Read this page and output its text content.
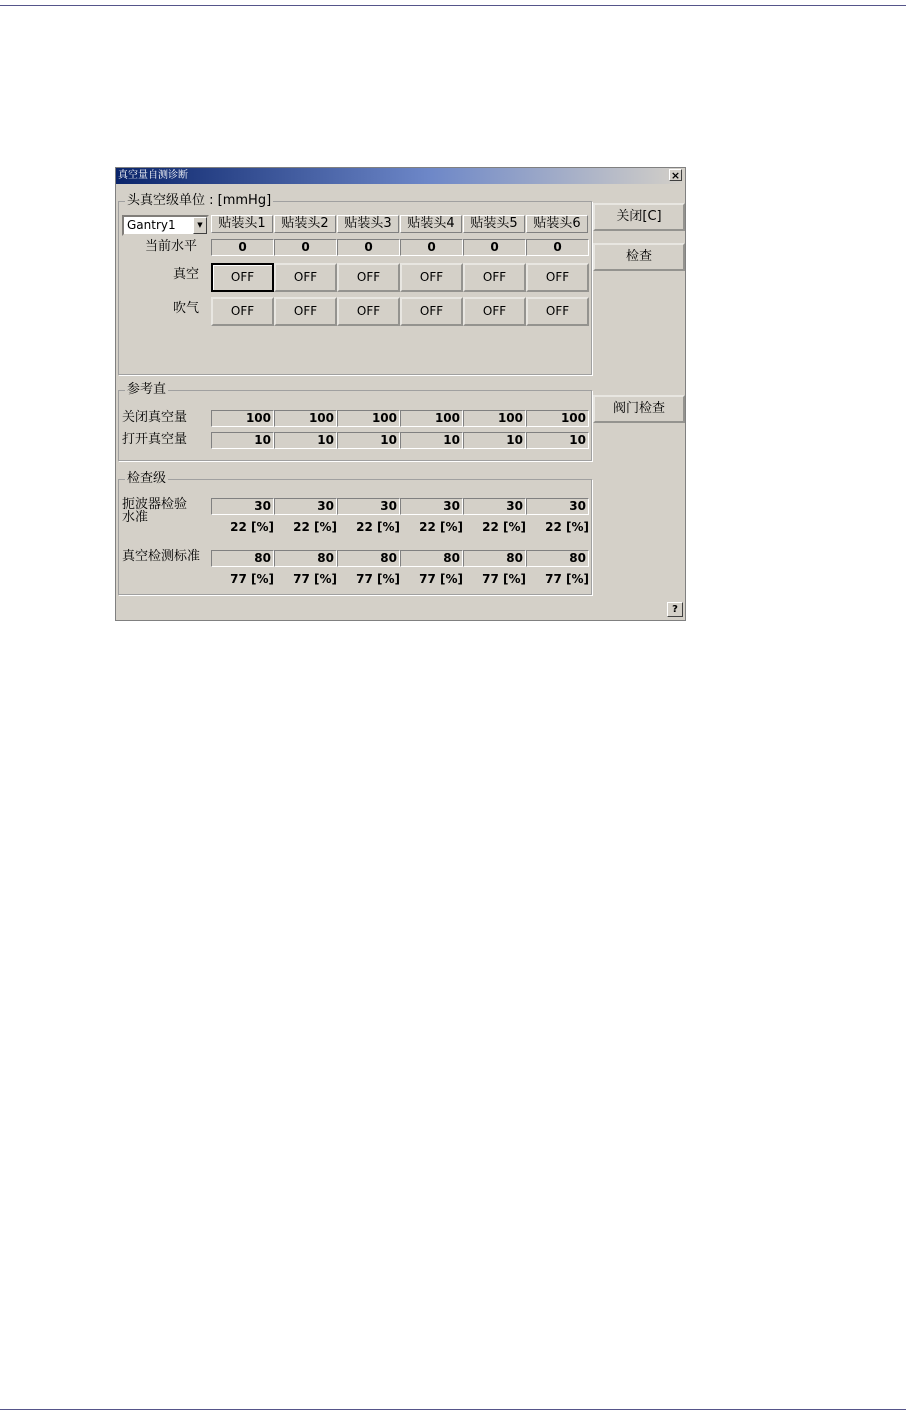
真空量自测诊断	×
头真空级单位 : [mmHg]
Gantry1	▼	贴装头1	贴装头2	贴装头3	贴装头4	贴装头5	贴装头6
当前水平	0	0	0	0	0	0
真空	OFF	OFF	OFF	OFF	OFF	OFF
吹气	OFF	OFF	OFF	OFF	OFF	OFF
参考直
关闭真空量	100	100	100	100	100	100
打开真空量	10	10	10	10	10	10
检查级
扼波器检验
水准
30	30	30	30	30	30
22 [%]	22 [%]	22 [%]	22 [%]	22 [%]	22 [%]
真空检测标准	80	80	80	80	80	80
77 [%]	77 [%]	77 [%]	77 [%]	77 [%]	77 [%]
关闭[C]
检查
阀门检查
?
